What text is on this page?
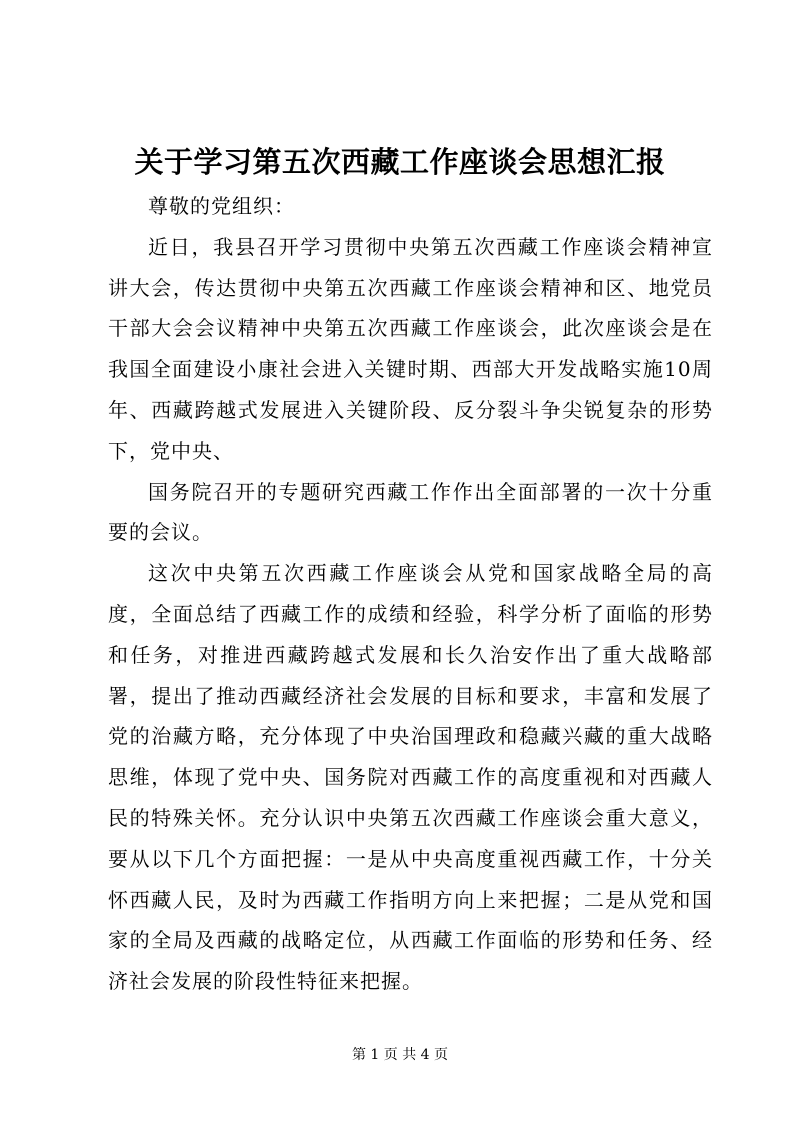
关于学习第五次西藏工作座谈会思想汇报

尊敬的党组织：

近日，我县召开学习贯彻中央第五次西藏工作座谈会精神宣讲大会，传达贯彻中央第五次西藏工作座谈会精神和区、地党员干部大会会议精神中央第五次西藏工作座谈会，此次座谈会是在我国全面建设小康社会进入关键时期、西部大开发战略实施10周年、西藏跨越式发展进入关键阶段、反分裂斗争尖锐复杂的形势下，党中央、

国务院召开的专题研究西藏工作作出全面部署的一次十分重要的会议。

这次中央第五次西藏工作座谈会从党和国家战略全局的高度，全面总结了西藏工作的成绩和经验，科学分析了面临的形势和任务，对推进西藏跨越式发展和长久治安作出了重大战略部署，提出了推动西藏经济社会发展的目标和要求，丰富和发展了党的治藏方略，充分体现了中央治国理政和稳藏兴藏的重大战略思维，体现了党中央、国务院对西藏工作的高度重视和对西藏人民的特殊关怀。充分认识中央第五次西藏工作座谈会重大意义，要从以下几个方面把握：一是从中央高度重视西藏工作，十分关怀西藏人民，及时为西藏工作指明方向上来把握；二是从党和国家的全局及西藏的战略定位，从西藏工作面临的形势和任务、经济社会发展的阶段性特征来把握。

第 1 页 共 4 页
